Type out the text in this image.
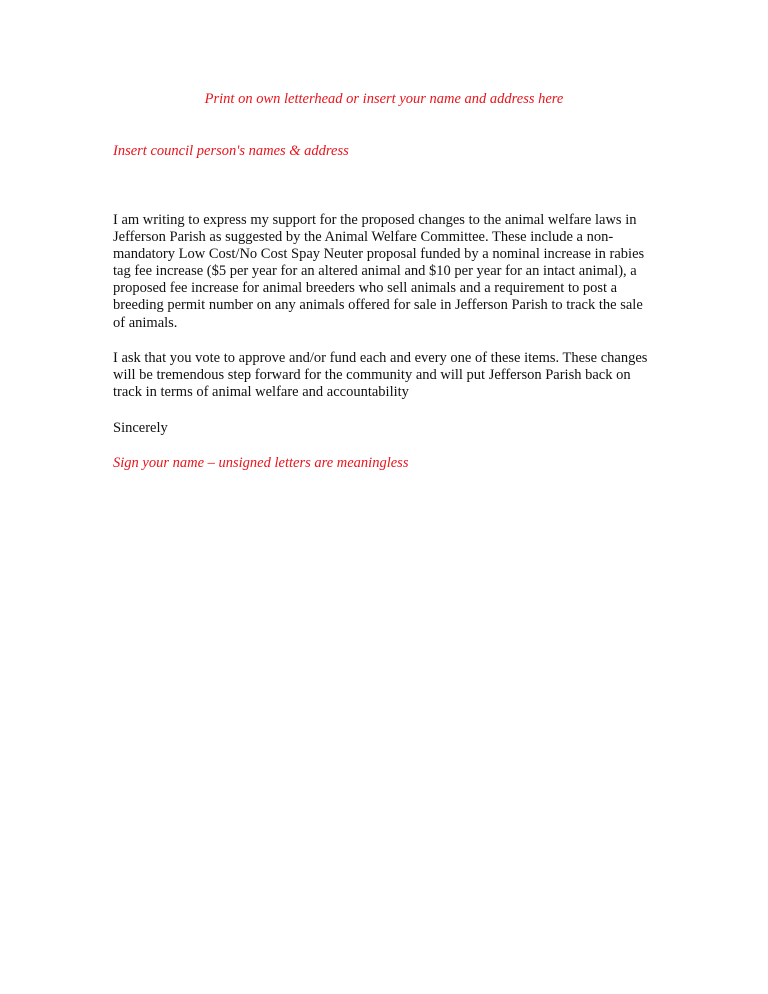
Print on own letterhead or insert your name and address here

Insert council person's names & address

I am writing to express my support for the proposed changes to the animal welfare laws in Jefferson Parish as suggested by the Animal Welfare Committee. These include a non-mandatory Low Cost/No Cost Spay Neuter proposal funded by a nominal increase in rabies tag fee increase ($5 per year for an altered animal and $10 per year for an intact animal), a proposed fee increase for animal breeders who sell animals and a requirement to post a breeding permit number on any animals offered for sale in Jefferson Parish to track the sale of animals.

I ask that you vote to approve and/or fund each and every one of these items. These changes will be tremendous step forward for the community and will put Jefferson Parish back on track in terms of animal welfare and accountability

Sincerely

Sign your name – unsigned letters are meaningless
